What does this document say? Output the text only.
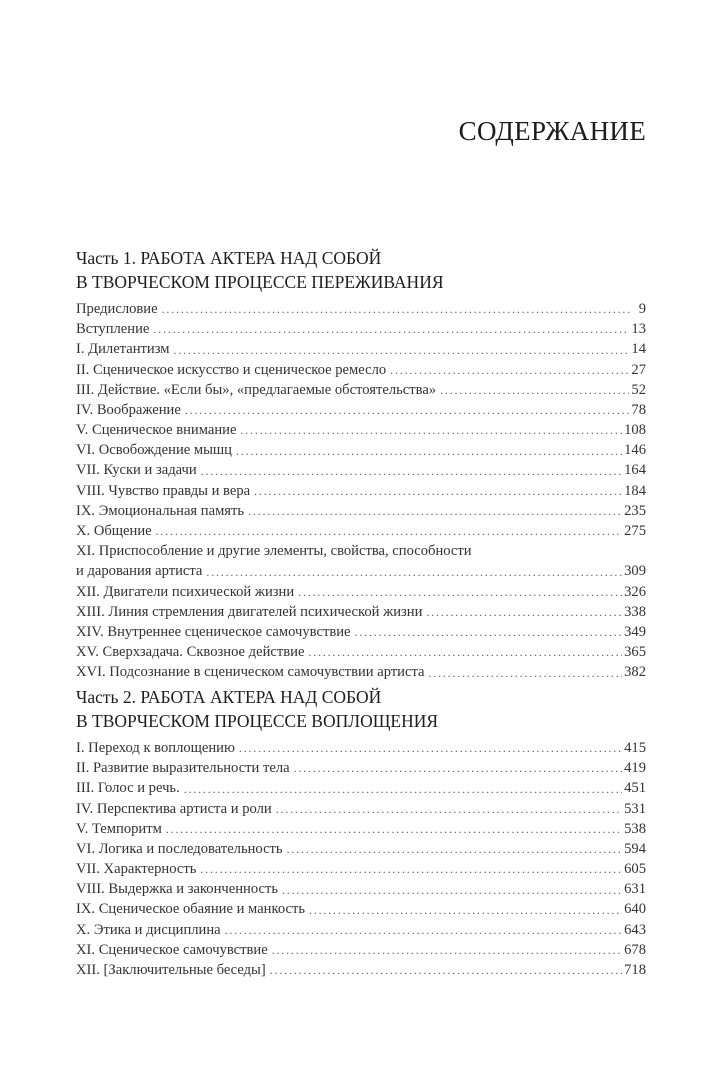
СОДЕРЖАНИЕ
Часть 1. РАБОТА АКТЕРА НАД СОБОЙ
В ТВОРЧЕСКОМ ПРОЦЕССЕ ПЕРЕЖИВАНИЯ
Предисловие . . .	9
Вступление . . .	13
I. Дилетантизм . . .	14
II. Сценическое искусство и сценическое ремесло . . .	27
III. Действие. «Если бы», «предлагаемые обстоятельства» . . .	52
IV. Воображение . . .	78
V. Сценическое внимание . . .	108
VI. Освобождение мышц . . .	146
VII. Куски и задачи . . .	164
VIII. Чувство правды и вера . . .	184
IX. Эмоциональная память . . .	235
X. Общение . . .	275
XI. Приспособление и другие элементы, свойства, способности
и дарования артиста . . .	309
XII. Двигатели психической жизни . . .	326
XIII. Линия стремления двигателей психической жизни . . .	338
XIV. Внутреннее сценическое самочувствие . . .	349
XV. Сверхзадача. Сквозное действие . . .	365
XVI. Подсознание в сценическом самочувствии артиста . . .	382
Часть 2. РАБОТА АКТЕРА НАД СОБОЙ
В ТВОРЧЕСКОМ ПРОЦЕССЕ ВОПЛОЩЕНИЯ
I. Переход к воплощению . . .	415
II. Развитие выразительности тела . . .	419
III. Голос и речь. . . .	451
IV. Перспектива артиста и роли . . .	531
V. Темпоритм . . .	538
VI. Логика и последовательность . . .	594
VII. Характерность . . .	605
VIII. Выдержка и законченность . . .	631
IX. Сценическое обаяние и манкость . . .	640
X. Этика и дисциплина . . .	643
XI. Сценическое самочувствие . . .	678
XII. [Заключительные беседы] . . .	718
